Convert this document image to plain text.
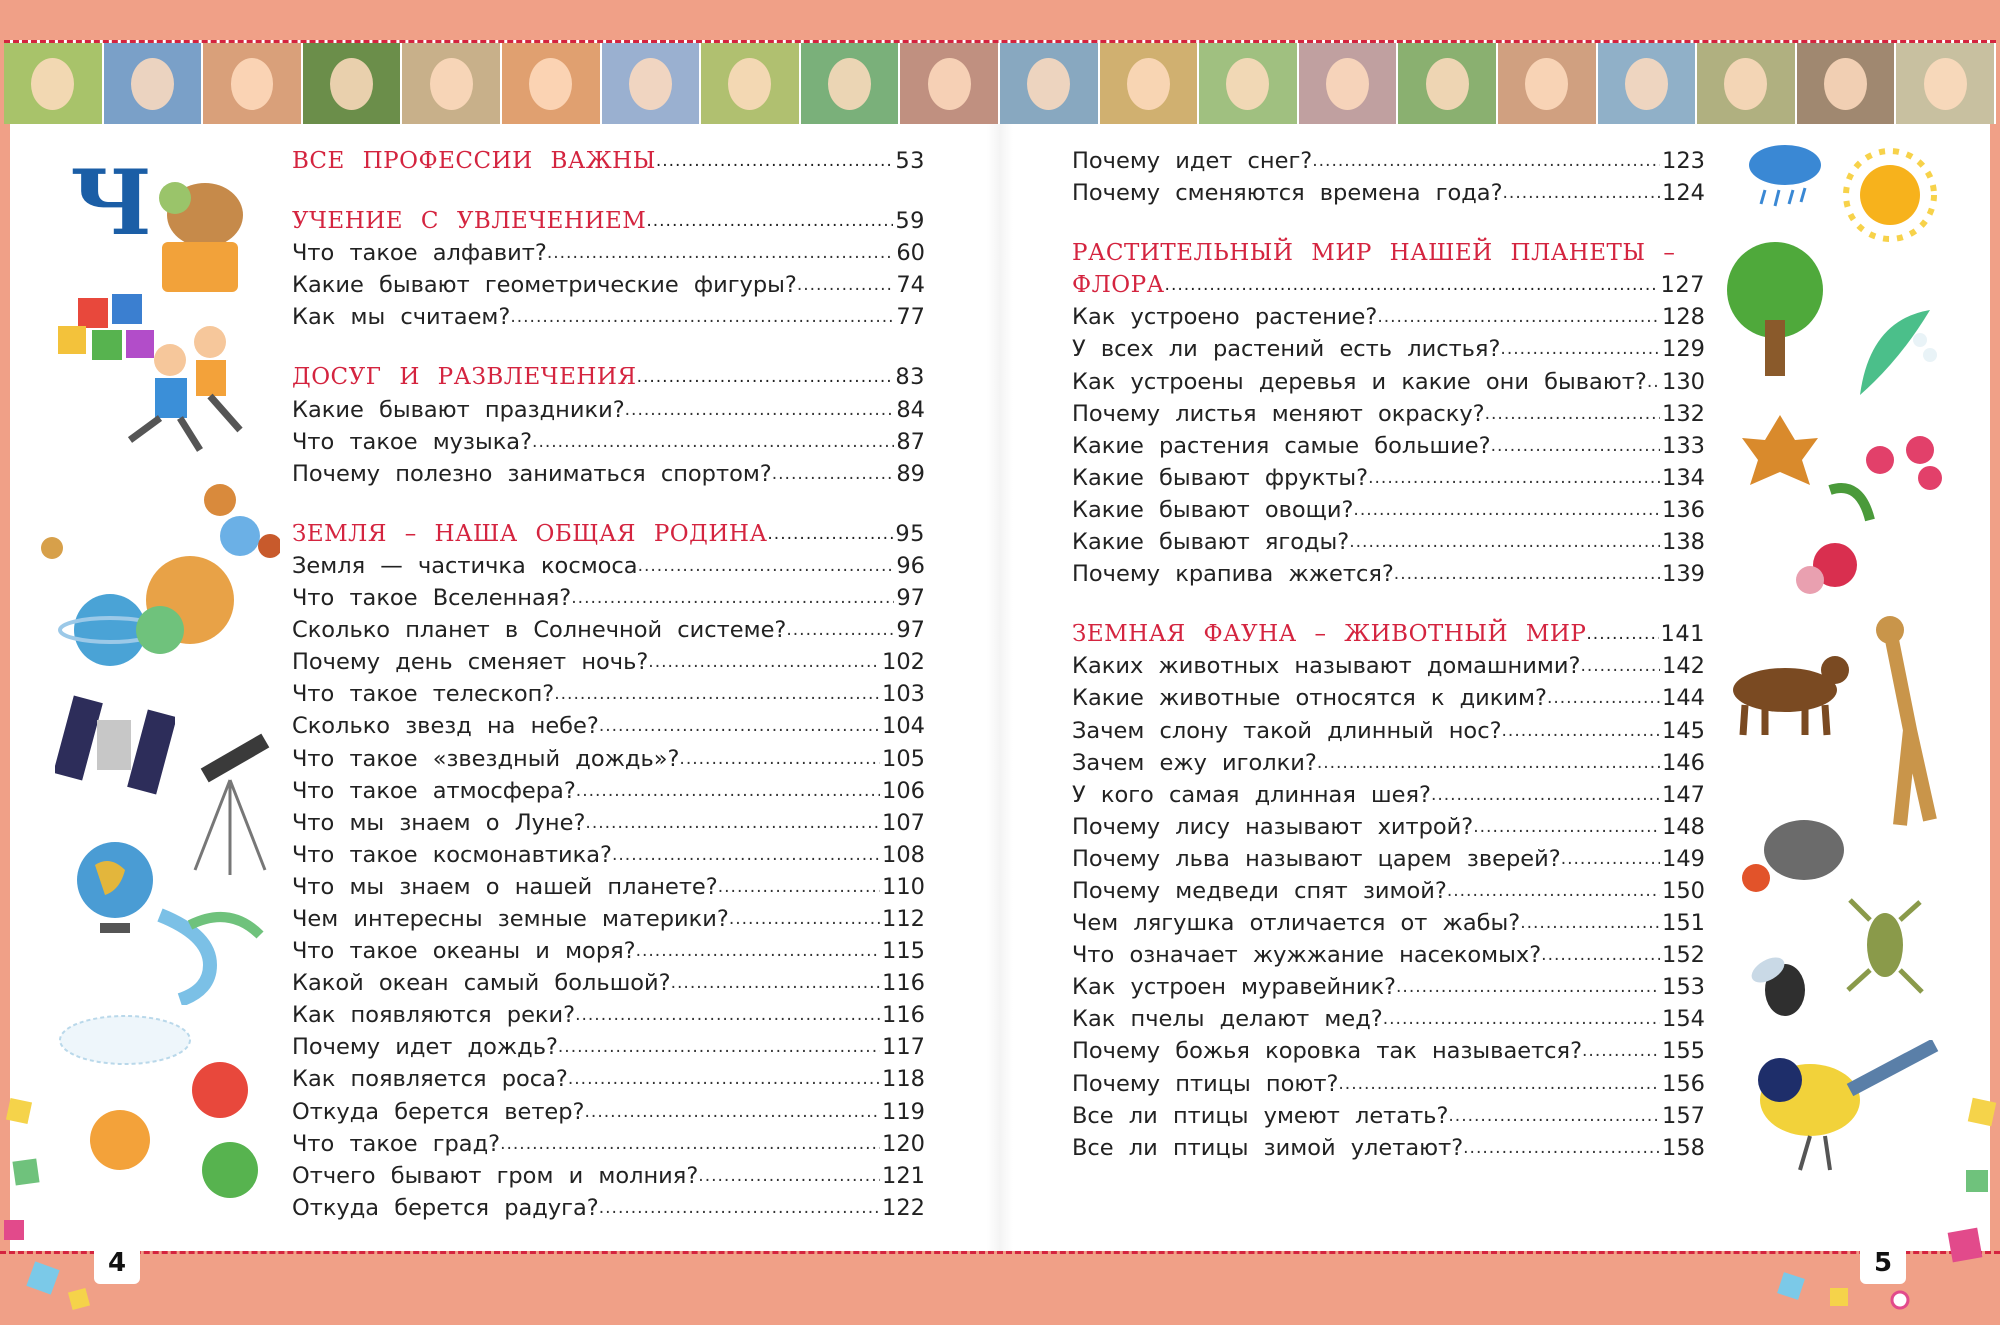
4	5
Ч	ВСЕ ПРОФЕССИИ ВАЖНЫ .....	53
УЧЕНИЕ С УВЛЕЧЕНИЕМ .....	59
Что такое алфавит? .....	60
Какие бывают геометрические фигуры? .....	74
Как мы считаем? .....	77
ДОСУГ И РАЗВЛЕЧЕНИЯ .....	83
Какие бывают праздники? .....	84
Что такое музыка? .....	87
Почему полезно заниматься спортом? .....	89
ЗЕМЛЯ – НАША ОБЩАЯ РОДИНА .....	95
Земля — частичка космоса .....	96
Что такое Вселенная? .....	97
Сколько планет в Солнечной системе? .....	97
Почему день сменяет ночь? .....	102
Что такое телескоп? .....	103
Сколько звезд на небе? .....	104
Что такое «звездный дождь»? .....	105
Что такое атмосфера? .....	106
Что мы знаем о Луне? .....	107
Что такое космонавтика? .....	108
Что мы знаем о нашей планете? .....	110
Чем интересны земные материки? .....	112
Что такое океаны и моря? .....	115
Какой океан самый большой? .....	116
Как появляются реки? .....	116
Почему идет дождь? .....	117
Как появляется роса? .....	118
Откуда берется ветер? .....	119
Что такое град? .....	120
Отчего бывают гром и молния? .....	121
Откуда берется радуга? .....	122
Почему идет снег? .....	123
Почему сменяются времена года? .....	124
РАСТИТЕЛЬНЫЙ МИР НАШЕЙ ПЛАНЕТЫ –
ФЛОРА .....	127
Как устроено растение? .....	128
У всех ли растений есть листья? .....	129
Как устроены деревья и какие они бывают? ..... 130
Почему листья меняют окраску? .....	132
Какие растения самые большие? .....	133
Какие бывают фрукты? .....	134
Какие бывают овощи? .....	136
Какие бывают ягоды? .....	138
Почему крапива жжется? .....	139
ЗЕМНАЯ ФАУНА – ЖИВОТНЫЙ МИР .....	141
Каких животных называют домашними? .....	142
Какие животные относятся к диким? .....	144
Зачем слону такой длинный нос? .....	145
Зачем ежу иголки? .....	146
У кого самая длинная шея? .....	147
Почему лису называют хитрой? .....	148
Почему льва называют царем зверей? .....	149
Почему медведи спят зимой? .....	150
Чем лягушка отличается от жабы? .....	151
Что означает жужжание насекомых? .....	152
Как устроен муравейник? .....	153
Как пчелы делают мед? .....	154
Почему божья коровка так называется? .....	155
Почему птицы поют? .....	156
Все ли птицы умеют летать? .....	157
Все ли птицы зимой улетают? .....	158
